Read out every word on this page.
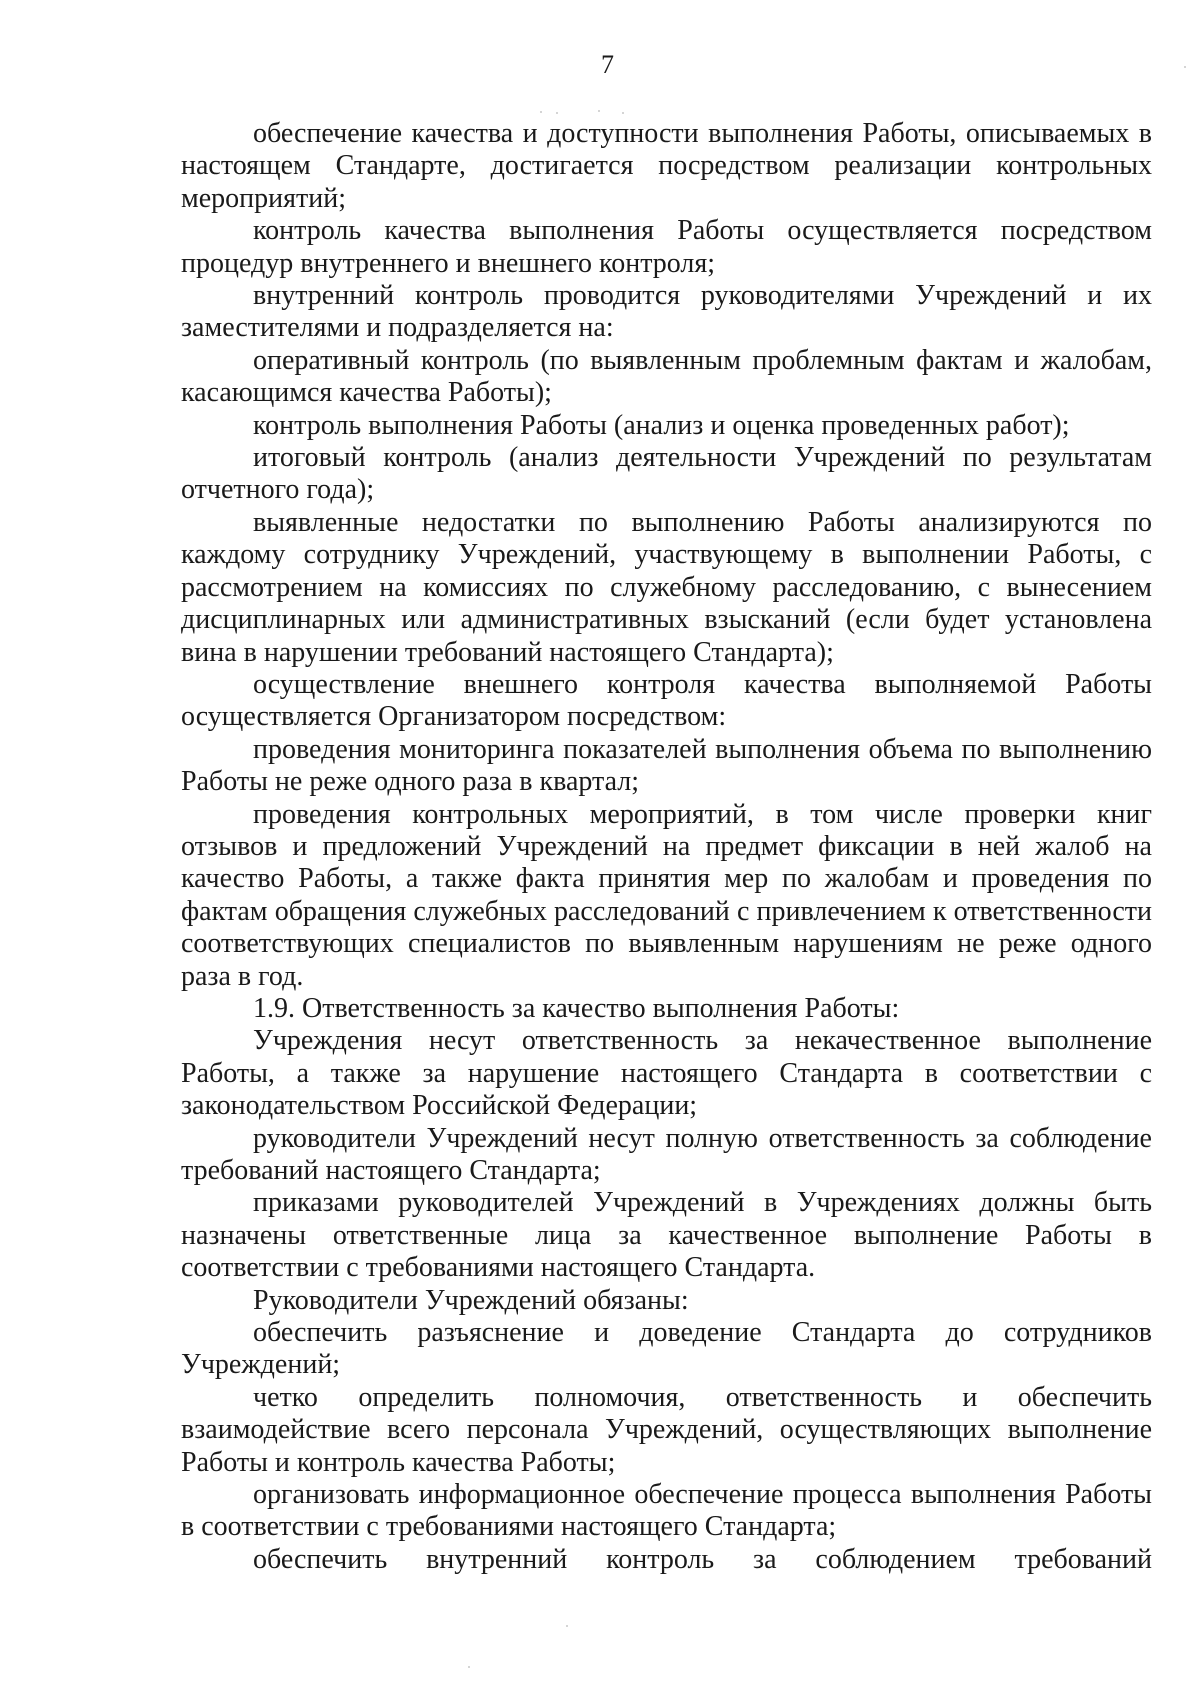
7

обеспечение качества и доступности выполнения Работы, описываемых в настоящем Стандарте, достигается посредством реализации контрольных мероприятий;

контроль качества выполнения Работы осуществляется посредством процедур внутреннего и внешнего контроля;

внутренний контроль проводится руководителями Учреждений и их заместителями и подразделяется на:

оперативный контроль (по выявленным проблемным фактам и жалобам, касающимся качества Работы);

контроль выполнения Работы (анализ и оценка проведенных работ);

итоговый контроль (анализ деятельности Учреждений по результатам отчетного года);

выявленные недостатки по выполнению Работы анализируются по каждому сотруднику Учреждений, участвующему в выполнении Работы, с рассмотрением на комиссиях по служебному расследованию, с вынесением дисциплинарных или административных взысканий (если будет установлена вина в нарушении требований настоящего Стандарта);

осуществление внешнего контроля качества выполняемой Работы осуществляется Организатором посредством:

проведения мониторинга показателей выполнения объема по выполнению Работы не реже одного раза в квартал;

проведения контрольных мероприятий, в том числе проверки книг отзывов и предложений Учреждений на предмет фиксации в ней жалоб на качество Работы, а также факта принятия мер по жалобам и проведения по фактам обращения служебных расследований с привлечением к ответственности соответствующих специалистов по выявленным нарушениям не реже одного раза в год.

1.9. Ответственность за качество выполнения Работы:

Учреждения несут ответственность за некачественное выполнение Работы, а также за нарушение настоящего Стандарта в соответствии с законодательством Российской Федерации;

руководители Учреждений несут полную ответственность за соблюдение требований настоящего Стандарта;

приказами руководителей Учреждений в Учреждениях должны быть назначены ответственные лица за качественное выполнение Работы в соответствии с требованиями настоящего Стандарта.

Руководители Учреждений обязаны:

обеспечить разъяснение и доведение Стандарта до сотрудников Учреждений;

четко определить полномочия, ответственность и обеспечить взаимодействие всего персонала Учреждений, осуществляющих выполнение Работы и контроль качества Работы;

организовать информационное обеспечение процесса выполнения Работы в соответствии с требованиями настоящего Стандарта;

обеспечить внутренний контроль за соблюдением требований
